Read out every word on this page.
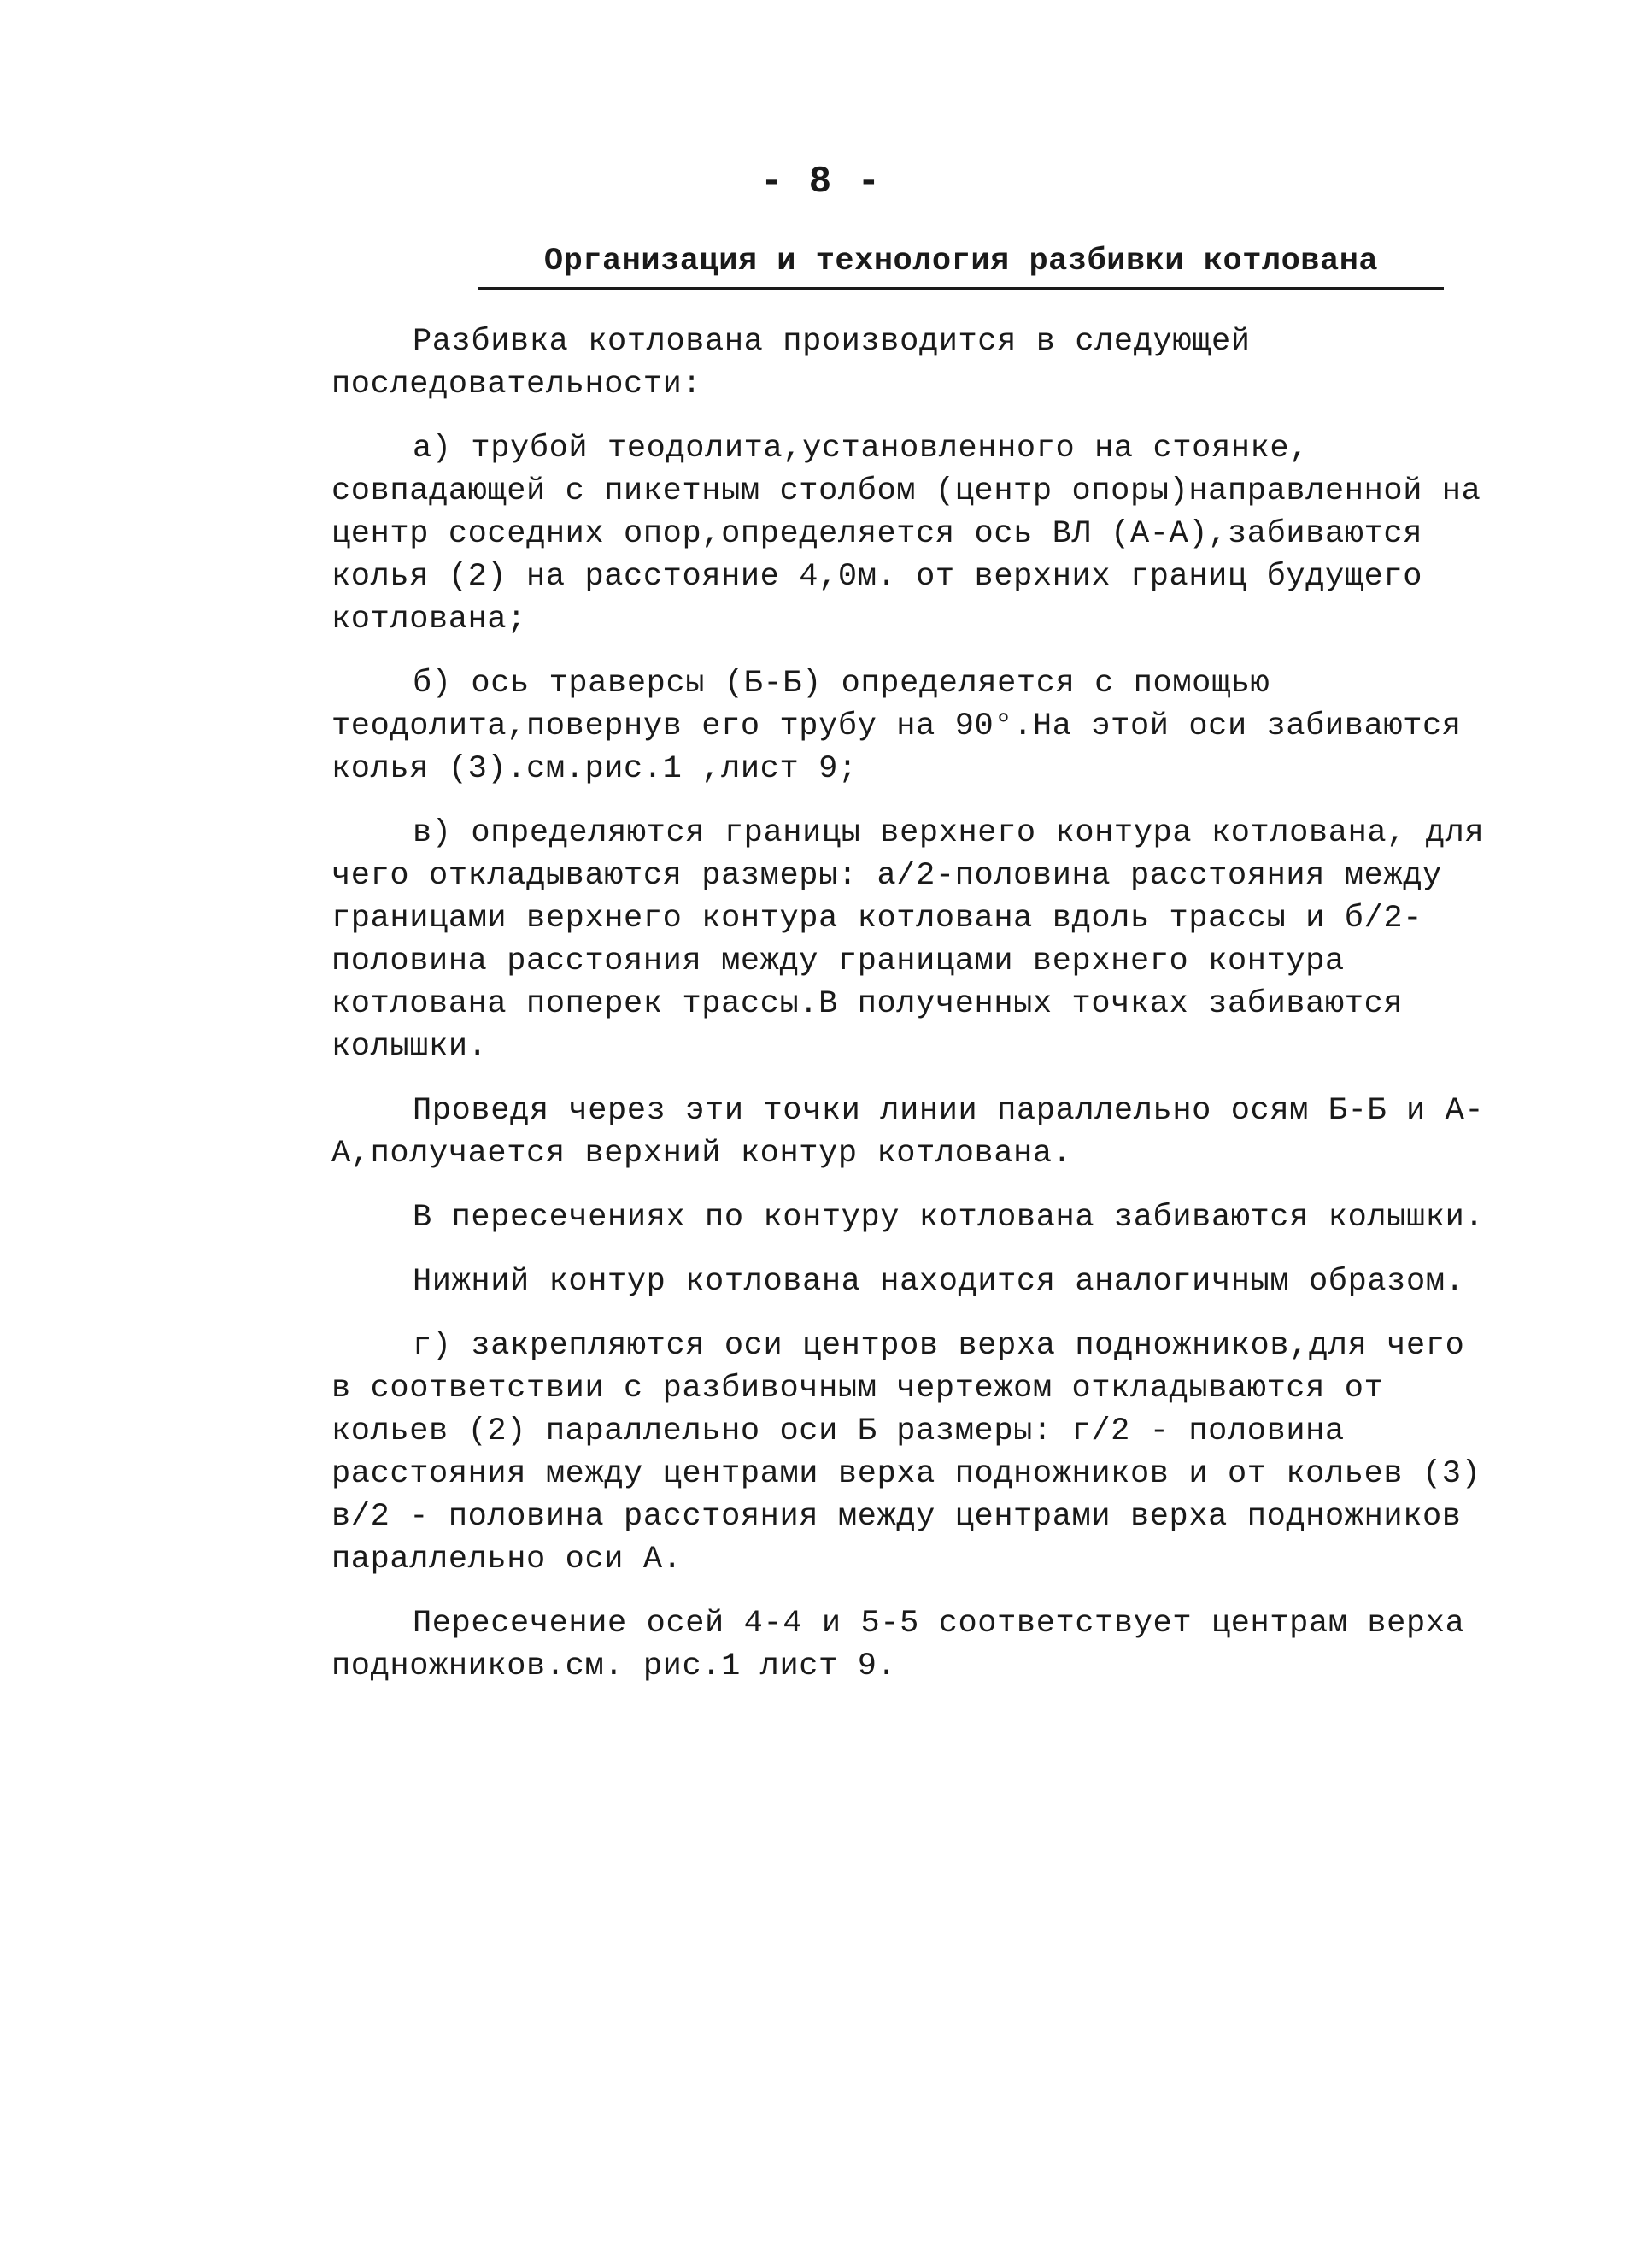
- 8 -
Организация и технология разбивки котлована

Разбивка котлована производится в следующей последовательности:

а) трубой теодолита,установленного на стоянке, совпадающей с пикетным столбом (центр опоры)направленной на центр соседних опор,определяется ось ВЛ (А-А),забиваются колья (2) на расстояние 4,0м. от верхних границ будущего котлована;

б) ось траверсы (Б-Б) определяется с помощью теодолита,повернув его трубу на 90°.На этой оси забиваются колья (3).см.рис.1 ,лист 9;

в) определяются границы верхнего контура котлована, для чего откладываются размеры: а/2-половина расстояния между границами верхнего контура котлована вдоль трассы и б/2-половина расстояния между границами верхнего контура котлована поперек трассы.В полученных точках забиваются колышки.

Проведя через эти точки линии параллельно осям Б-Б и А-А,получается верхний контур котлована.

В пересечениях по контуру котлована забиваются колышки.

Нижний контур котлована находится аналогичным образом.

г) закрепляются оси центров верха подножников,для чего в соответствии с разбивочным чертежом откладываются от кольев (2) параллельно оси Б размеры: г/2 - половина расстояния между центрами верха подножников и от кольев (3) в/2 - половина расстояния между центрами верха подножников параллельно оси А.

Пересечение осей 4-4 и 5-5 соответствует центрам верха подножников.см. рис.1 лист 9.
